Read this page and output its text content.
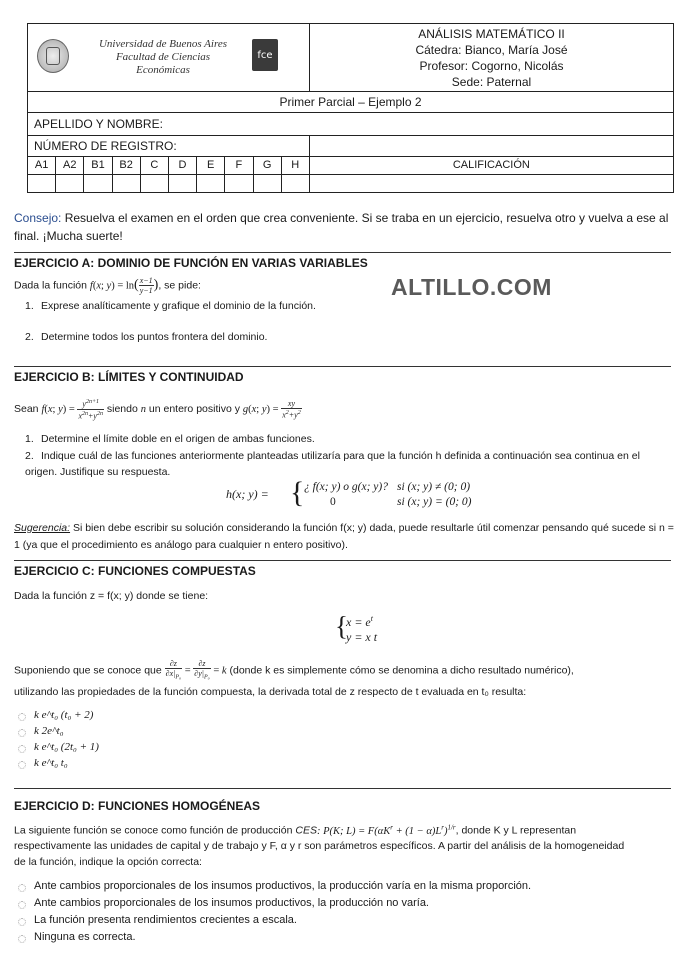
Universidad de Buenos Aires
Facultad de Ciencias
Económicas
fce
ANÁLISIS MATEMÁTICO II
Cátedra: Bianco, María José
Profesor: Cogorno, Nicolás
Sede: Paternal
Primer Parcial – Ejemplo 2
APELLIDO Y NOMBRE:
NÚMERO DE REGISTRO:
A1	A2	B1	B2	C	D	E	F	G	H	CALIFICACIÓN
Consejo: Resuelva el examen en el orden que crea conveniente. Si se traba en un ejercicio, resuelva otro y vuelva a ese al final. ¡Mucha suerte!
EJERCICIO A: DOMINIO DE FUNCIÓN EN VARIAS VARIABLES
ALTILLO.COM
Dada la función f(x; $y) = \ln( \frac{x-1}{y-1}$ ), se pide:
1. Exprese analíticamente y grafique el dominio de la función.
2. Determine todos los puntos frontera del dominio.
EJERCICIO B: LÍMITES Y CONTINUIDAD
Sean f(x; $y) = \frac{y^{2n+1}}{x^{2n}+y^{2n}}$ siendo n un entero positivo y g(x; $y) = \frac{xy}{x^2+y^2}$
1. Determine el límite doble en el origen de ambas funciones.
2. Indique cuál de las funciones anteriormente planteadas utilizaría para que la función h definida a continuación sea continua en el origen. Justifique su respuesta.
h(x; y) = { ¿ f(x; y) o g(x; y)? si (x; y) ≠ (0; 0)
0	si (x; y) = (0; 0)
Sugerencia: Si bien debe escribir su solución considerando la función f(x; y) dada, puede resultarle útil comenzar pensando qué sucede si n = 1 (ya que el procedimiento es análogo para cualquier n entero positivo).
EJERCICIO C: FUNCIONES COMPUESTAS
Dada la función z = f(x; y) donde se tiene:
{
$x = e^t$
y = x t
Suponiendo que se conoce que $\frac{\partial z}{\partial x|_{P_0}} = \frac{\partial z}{\partial y|_{P_0}} = k$ (donde k es simplemente cómo se denomina a dicho resultado numérico),
utilizando las propiedades de la función compuesta, la derivada total de z respecto de t evaluada en t₀ resulta:
k e^t₀ (t₀ + 2)
k 2e^t₀
k e^t₀ (2t₀ + 1)
k e^t₀ t₀
EJERCICIO D: FUNCIONES HOMOGÉNEAS
La siguiente función se conoce como función de producción CES: P(K; $L) = F(\alpha K^r + (1 - \alpha)L^r)^{1/r}$, donde K y L representan
respectivamente las unidades de capital y de trabajo y F, α y r son parámetros específicos. A partir del análisis de la homogeneidad
de la función, indique la opción correcta:
Ante cambios proporcionales de los insumos productivos, la producción varía en la misma proporción.
Ante cambios proporcionales de los insumos productivos, la producción no varía.
La función presenta rendimientos crecientes a escala.
Ninguna es correcta.
